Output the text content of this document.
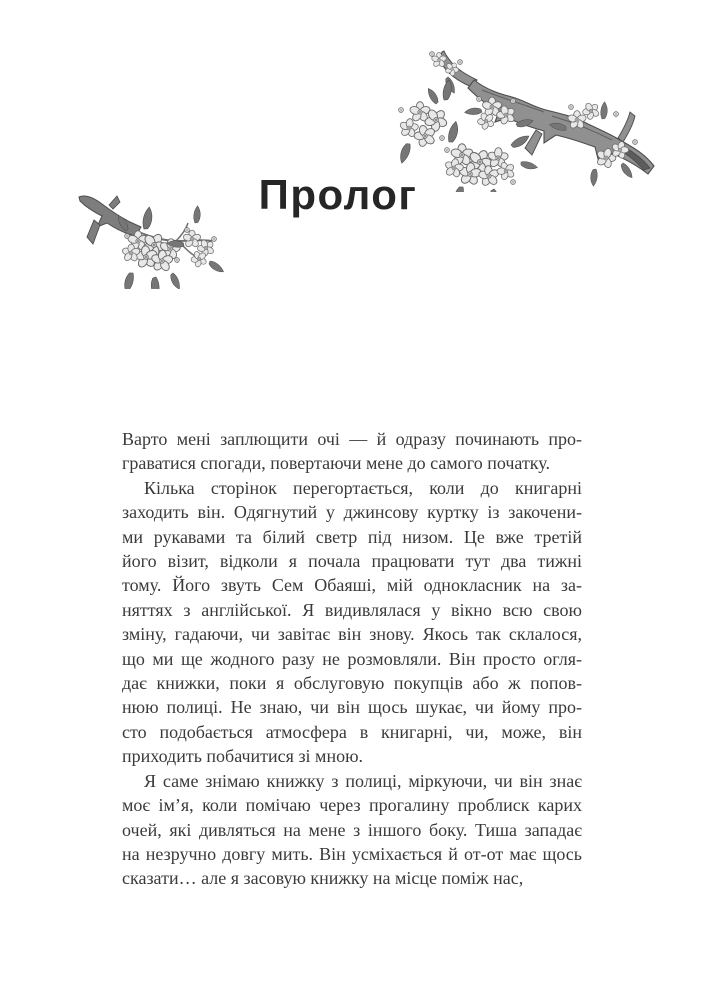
Пролог
Варто мені заплющити очі — й одразу починають про-
граватися спогади, повертаючи мене до самого початку.
Кілька сторінок перегортається, коли до книгарні
заходить він. Одягнутий у джинсову куртку із закочени-
ми рукавами та білий светр під низом. Це вже третій
його візит, відколи я почала працювати тут два тижні
тому. Його звуть Сем Обаяші, мій однокласник на за-
няттях з англійської. Я видивлялася у вікно всю свою
зміну, гадаючи, чи завітає він знову. Якось так склалося,
що ми ще жодного разу не розмовляли. Він просто огля-
дає книжки, поки я обслуговую покупців або ж попов-
нюю полиці. Не знаю, чи він щось шукає, чи йому про-
сто подобається атмосфера в книгарні, чи, може, він
приходить побачитися зі мною.
Я саме знімаю книжку з полиці, міркуючи, чи він знає
моє ім’я, коли помічаю через прогалину проблиск карих
очей, які дивляться на мене з іншого боку. Тиша западає
на незручно довгу мить. Він усміхається й от-от має щось
сказати… але я засовую книжку на місце поміж нас,
